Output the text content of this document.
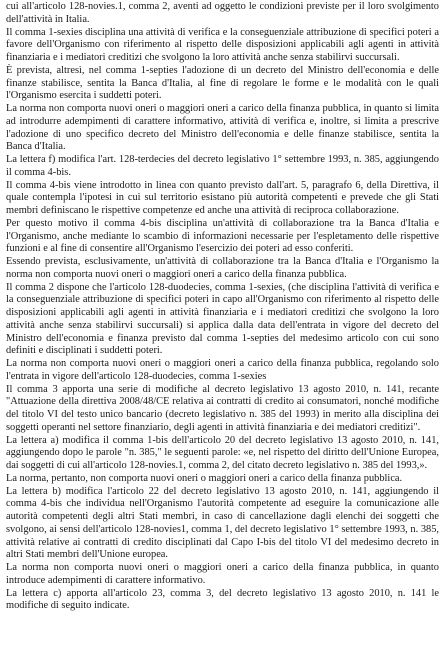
cui all'articolo 128-novies.1, comma 2, aventi ad oggetto le condizioni previste per il loro svolgimento dell'attività in Italia.

Il comma 1-sexies disciplina una attività di verifica e la conseguenziale attribuzione di specifici poteri a favore dell'Organismo con riferimento al rispetto delle disposizioni applicabili agli agenti in attività finanziaria e i mediatori creditizi che svolgono la loro attività anche senza stabilirvi succursali.

È prevista, altresì, nel comma 1-septies l'adozione di un decreto del Ministro dell'economia e delle finanze stabilisce, sentita la Banca d'Italia, al fine di regolare le forme e le modalità con le quali l'Organismo esercita i suddetti poteri.

La norma non comporta nuovi oneri o maggiori oneri a carico della finanza pubblica, in quanto si limita ad introdurre adempimenti di carattere informativo, attività di verifica e, inoltre, si limita a prescrive l'adozione di uno specifico decreto del Ministro dell'economia e delle finanze stabilisce, sentita la Banca d'Italia.

La lettera f) modifica l'art. 128-terdecies del decreto legislativo 1° settembre 1993, n. 385, aggiungendo il comma 4-bis.

Il comma 4-bis viene introdotto in linea con quanto previsto dall'art. 5, paragrafo 6, della Direttiva, il quale contempla l'ipotesi in cui sul territorio esistano più autorità competenti e prevede che gli Stati membri definiscano le rispettive competenze ed anche una attività di reciproca collaborazione.

Per questo motivo il comma 4-bis disciplina un'attività di collaborazione tra la Banca d'Italia e l'Organismo, anche mediante lo scambio di informazioni necessarie per l'espletamento delle rispettive funzioni e al fine di consentire all'Organismo l'esercizio dei poteri ad esso conferiti.

Essendo prevista, esclusivamente, un'attività di collaborazione tra la Banca d'Italia e l'Organismo la norma non comporta nuovi oneri o maggiori oneri a carico della finanza pubblica.

Il comma 2 dispone che l'articolo 128-duodecies, comma 1-sexies, (che disciplina l'attività di verifica e la conseguenziale attribuzione di specifici poteri in capo all'Organismo con riferimento al rispetto delle disposizioni applicabili agli agenti in attività finanziaria e i mediatori creditizi che svolgono la loro attività anche senza stabilirvi succursali) si applica dalla data dell'entrata in vigore del decreto del Ministro dell'economia e finanza previsto dal comma 1-septies del medesimo articolo con cui sono definiti e disciplinati i suddetti poteri.

La norma non comporta nuovi oneri o maggiori oneri a carico della finanza pubblica, regolando solo l'entrata in vigore dell'articolo 128-duodecies, comma 1-sexies

Il comma 3 apporta una serie di modifiche al decreto legislativo 13 agosto 2010, n. 141, recante "Attuazione della direttiva 2008/48/CE relativa ai contratti di credito ai consumatori, nonché modifiche del titolo VI del testo unico bancario (decreto legislativo n. 385 del 1993) in merito alla disciplina dei soggetti operanti nel settore finanziario, degli agenti in attività finanziaria e dei mediatori creditizi".

La lettera a) modifica il comma 1-bis dell'articolo 20 del decreto legislativo 13 agosto 2010, n. 141, aggiungendo dopo le parole "n. 385," le seguenti parole: «e, nel rispetto del diritto dell'Unione Europea, dai soggetti di cui all'articolo 128-novies.1, comma 2, del citato decreto legislativo n. 385 del 1993,».

La norma, pertanto, non comporta nuovi oneri o maggiori oneri a carico della finanza pubblica.

La lettera b) modifica l'articolo 22 del decreto legislativo 13 agosto 2010, n. 141, aggiungendo il comma 4-bis che individua nell'Organismo l'autorità competente ad eseguire la comunicazione alle autorità competenti degli altri Stati membri, in caso di cancellazione dagli elenchi dei soggetti che svolgono, ai sensi dell'articolo 128-novies1, comma 1, del decreto legislativo 1° settembre 1993, n. 385, attività relative ai contratti di credito disciplinati dal Capo I-bis del titolo VI del medesimo decreto in altri Stati membri dell'Unione europea.

La norma non comporta nuovi oneri o maggiori oneri a carico della finanza pubblica, in quanto introduce adempimenti di carattere informativo.

La lettera c) apporta all'articolo 23, comma 3, del decreto legislativo 13 agosto 2010, n. 141 le modifiche di seguito indicate.
